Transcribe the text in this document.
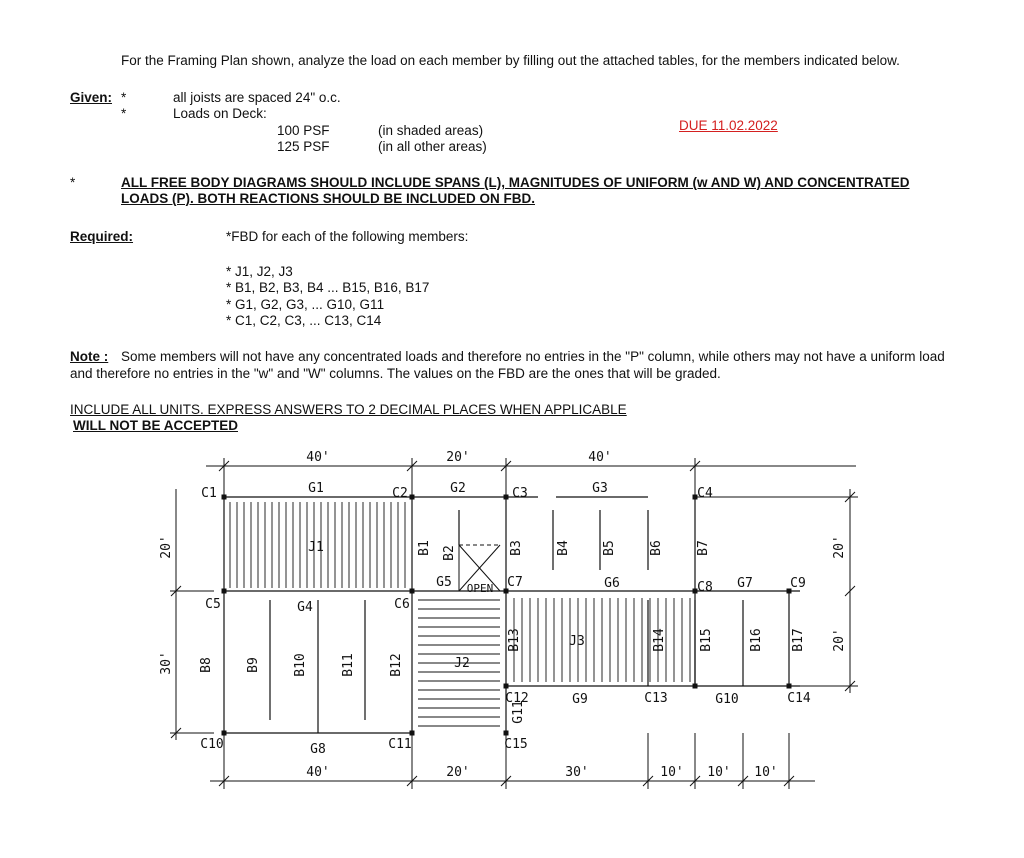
For the Framing Plan shown, analyze the load on each member by filling out the attached tables, for the members indicated below.
Given: *
*
all joists are spaced 24" o.c.
Loads on Deck:
100 PSF	(in shaded areas)
125 PSF	(in all other areas)
DUE 11.02.2022
*	ALL FREE BODY DIAGRAMS SHOULD INCLUDE SPANS (L), MAGNITUDES OF UNIFORM (w AND W) AND CONCENTRATED
LOADS (P). BOTH REACTIONS SHOULD BE INCLUDED ON FBD.
Required:	*FBD for each of the following members:
* J1, J2, J3
* B1, B2, B3, B4 ... B15, B16, B17
* G1, G2, G3, ... G10, G11
* C1, C2, C3, ... C13, C14
Note : Some members will not have any concentrated loads and therefore no entries in the "P" column, while others may not have a uniform load
and therefore no entries in the "w" and "W" columns. The values on the FBD are the ones that will be graded.
INCLUDE ALL UNITS. EXPRESS ANSWERS TO 2 DECIMAL PLACES WHEN APPLICABLE
WILL NOT BE ACCEPTED
40'	20'	40'
40'	20'	30'	10' 10' 10'
20'
30'
20'
20'
OPEN
J1
J2
J3
G1	G2	G3
G4
G5	G6	G7
G8
G9	G10
G11
B1 B2	B3 B4 B5 B6 B7
B8 B9 B10	B11	B12
B13	B14 B15	B16 B17
C1	C2	C3	C4
C5	C6
C7	C8	C9
C10	C11
C12	C13	C14
C15
